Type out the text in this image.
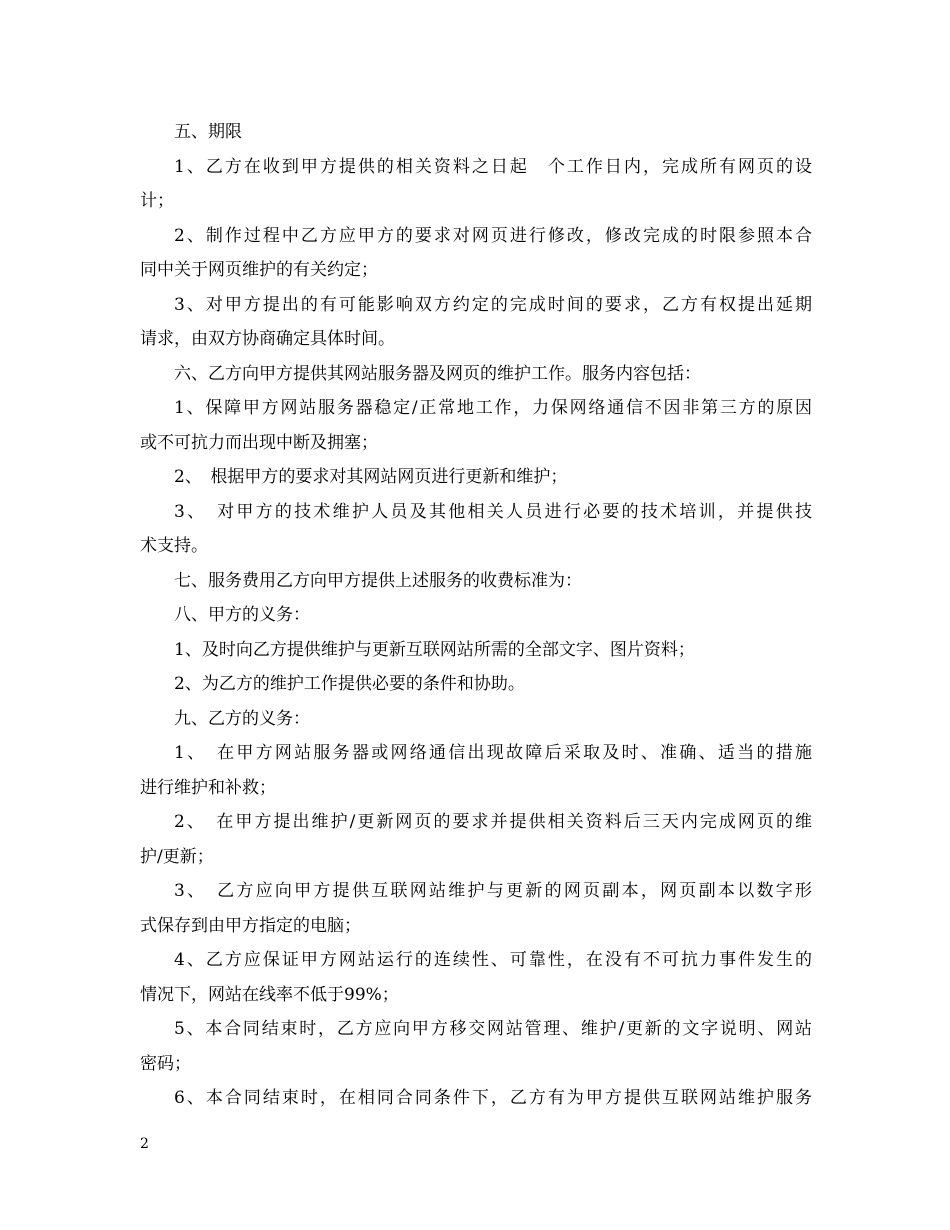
五、期限
1、乙方在收到甲方提供的相关资料之日起　个工作日内，完成所有网页的设
计；
2、制作过程中乙方应甲方的要求对网页进行修改，修改完成的时限参照本合
同中关于网页维护的有关约定；
3、对甲方提出的有可能影响双方约定的完成时间的要求，乙方有权提出延期
请求，由双方协商确定具体时间。
六、乙方向甲方提供其网站服务器及网页的维护工作。服务内容包括：
1、保障甲方网站服务器稳定/正常地工作，力保网络通信不因非第三方的原因
或不可抗力而出现中断及拥塞；
2、　根据甲方的要求对其网站网页进行更新和维护；
3、　对甲方的技术维护人员及其他相关人员进行必要的技术培训，并提供技
术支持。
七、服务费用乙方向甲方提供上述服务的收费标准为：
八、甲方的义务：
1、及时向乙方提供维护与更新互联网站所需的全部文字、图片资料；
2、为乙方的维护工作提供必要的条件和协助。
九、乙方的义务：
1、　在甲方网站服务器或网络通信出现故障后采取及时、准确、适当的措施
进行维护和补救；
2、　在甲方提出维护/更新网页的要求并提供相关资料后三天内完成网页的维
护/更新；
3、　乙方应向甲方提供互联网站维护与更新的网页副本，网页副本以数字形
式保存到由甲方指定的电脑；
4、乙方应保证甲方网站运行的连续性、可靠性，在没有不可抗力事件发生的
情况下，网站在线率不低于99%；
5、本合同结束时，乙方应向甲方移交网站管理、维护/更新的文字说明、网站
密码；
6、本合同结束时，在相同合同条件下，乙方有为甲方提供互联网站维护服务
2
